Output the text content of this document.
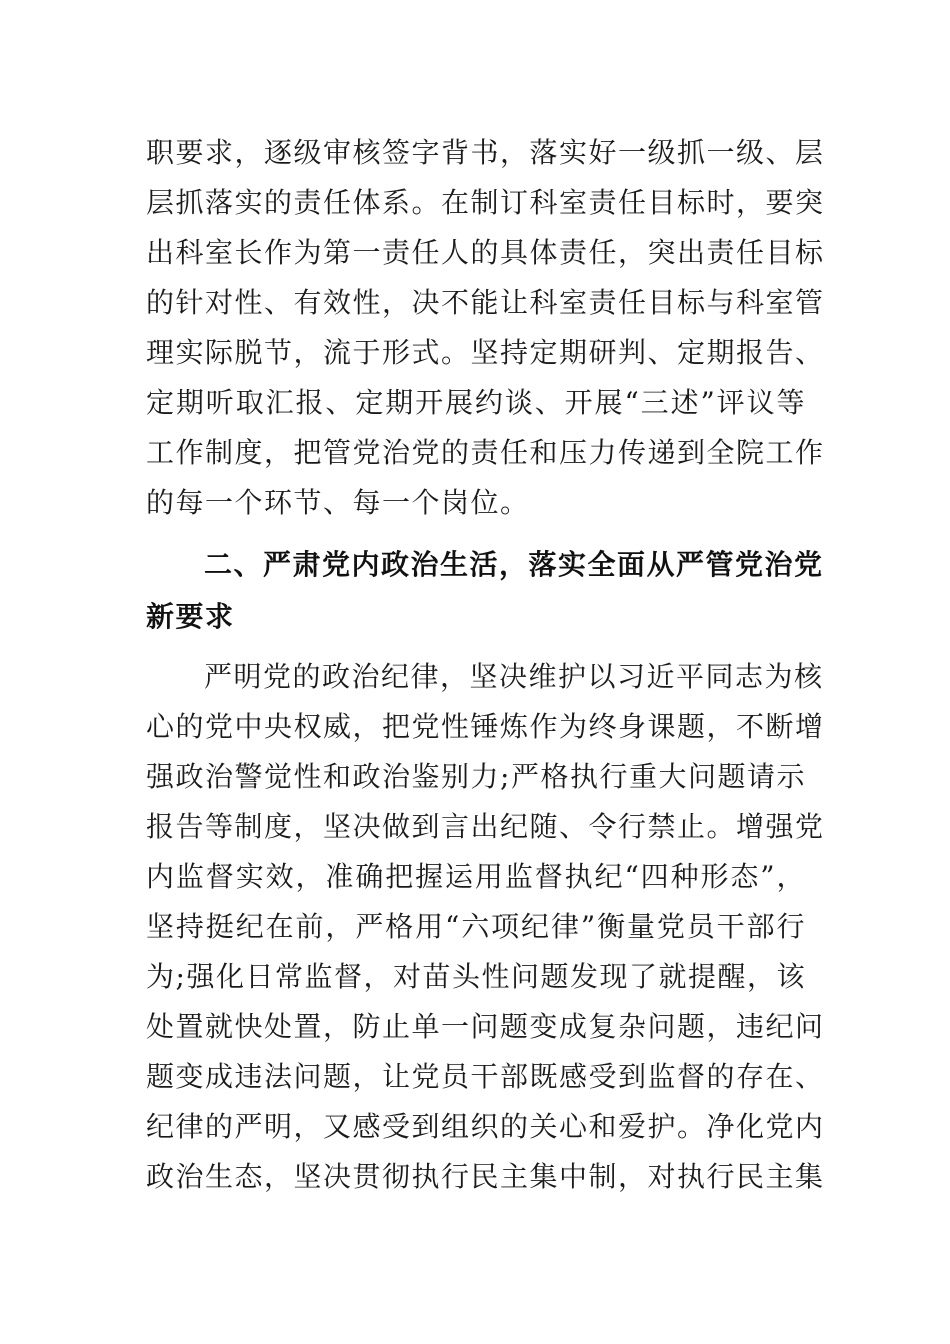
职要求，逐级审核签字背书，落实好一级抓一级、层
层抓落实的责任体系。在制订科室责任目标时，要突
出科室长作为第一责任人的具体责任，突出责任目标
的针对性、有效性，决不能让科室责任目标与科室管
理实际脱节，流于形式。坚持定期研判、定期报告、
定期听取汇报、定期开展约谈、开展“三述”评议等
工作制度，把管党治党的责任和压力传递到全院工作
的每一个环节、每一个岗位。
二、严肃党内政治生活，落实全面从严管党治党
新要求
严明党的政治纪律，坚决维护以习近平同志为核
心的党中央权威，把党性锤炼作为终身课题，不断增
强政治警觉性和政治鉴别力;严格执行重大问题请示
报告等制度，坚决做到言出纪随、令行禁止。增强党
内监督实效，准确把握运用监督执纪“四种形态”，
坚持挺纪在前，严格用“六项纪律”衡量党员干部行
为;强化日常监督，对苗头性问题发现了就提醒，该
处置就快处置，防止单一问题变成复杂问题，违纪问
题变成违法问题，让党员干部既感受到监督的存在、
纪律的严明，又感受到组织的关心和爱护。净化党内
政治生态，坚决贯彻执行民主集中制，对执行民主集
